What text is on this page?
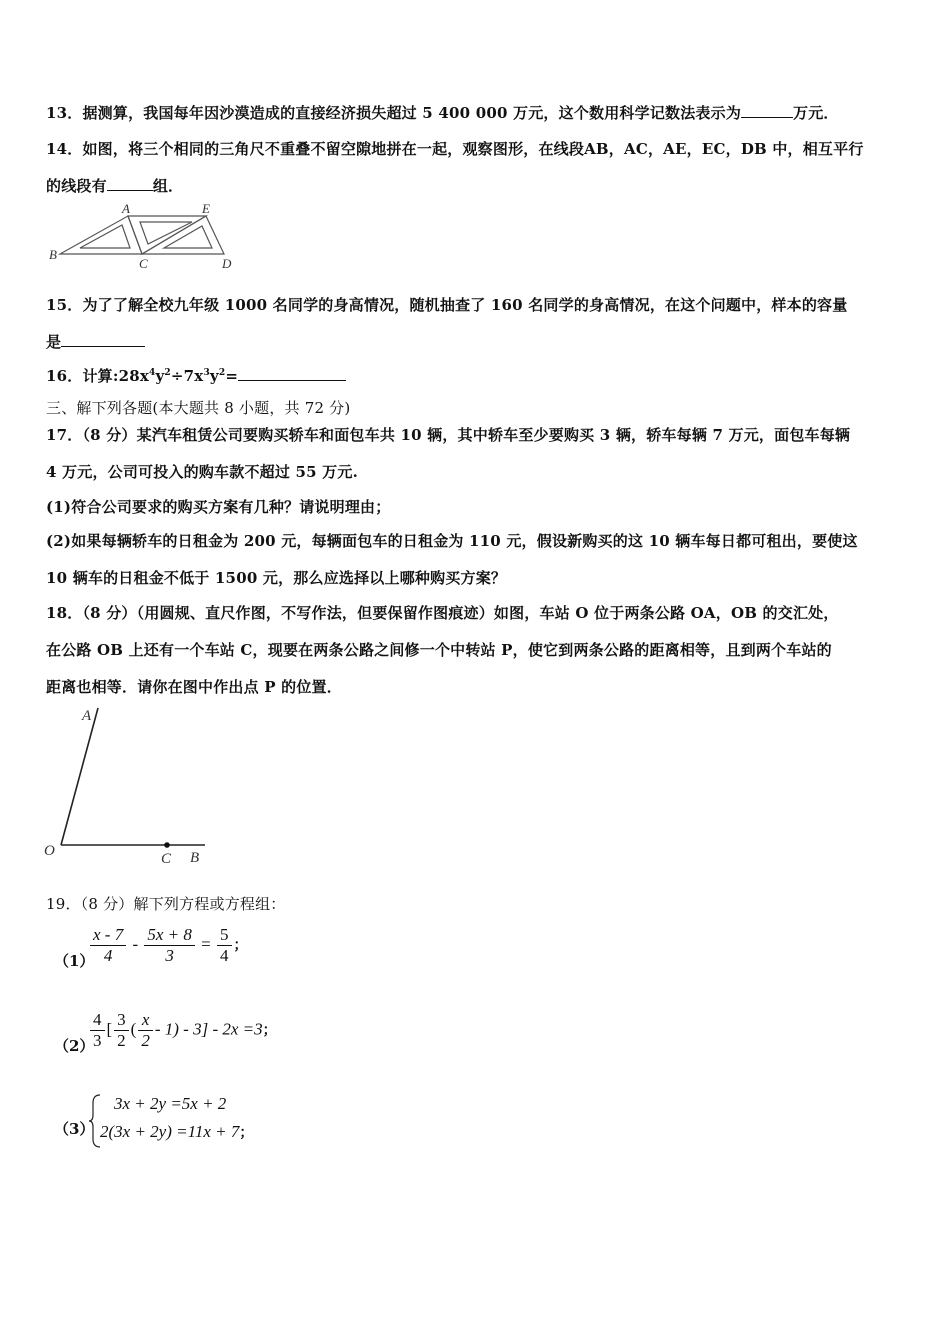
13．据测算，我国每年因沙漠造成的直接经济损失超过 5 400 000 万元，这个数用科学记数法表示为	万元．
14．如图，将三个相同的三角尺不重叠不留空隙地拼在一起，观察图形，在线段AB，AC，AE，EC，DB 中，相互平行
的线段有	组．
A	E
B
C	D
15．为了了解全校九年级 1000 名同学的身高情况，随机抽查了 160 名同学的身高情况，在这个问题中，样本的容量
是
16．计算$:28x^4y^2\div 7x^3y^2=$
三、解下列各题(本大题共 8 小题，共 72 分)
17．（8 分）某汽车租赁公司要购买轿车和面包车共 10 辆，其中轿车至少要购买 3 辆，轿车每辆 7 万元，面包车每辆
4 万元，公司可投入的购车款不超过 55 万元.
(1)符合公司要求的购买方案有几种？请说明理由；
(2)如果每辆轿车的日租金为 200 元，每辆面包车的日租金为 110 元，假设新购买的这 10 辆车每日都可租出，要使这
10 辆车的日租金不低于 1500 元，那么应选择以上哪种购买方案？
18．（8 分）（用圆规、直尺作图，不写作法，但要保留作图痕迹）如图，车站 O 位于两条公路 OA，OB 的交汇处，
在公路 OB 上还有一个车站 C，现要在两条公路之间修一个中转站 P，使它到两条公路的距离相等，且到两个车站的
距离也相等．请你在图中作出点 P 的位置．
A
O	C B
19．（8 分）解下列方程或方程组：
（1）
$\frac{x - 7}{4} - \frac{5x + 8}{3} = \frac{5}{4}$ ；
（2）
$\frac{4}{3}$ [ $\frac{3}{2}$ ( $\frac{x}{2} - 1) - 3] - 2x =3$；
（3）
3x + 2y =5x + 2
2(3x + 2y) =11x + 7；
